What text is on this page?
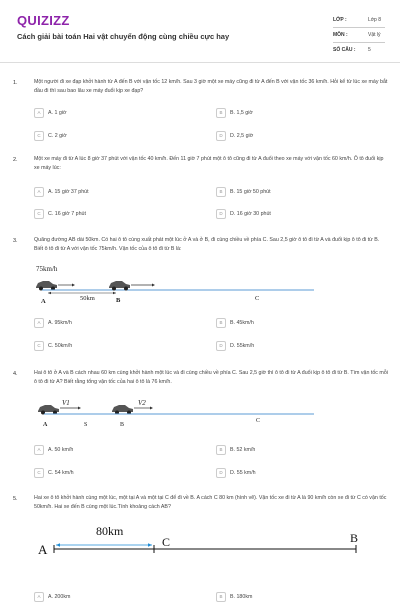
QUIZIZZ
Cách giải bài toán Hai vật chuyển động cùng chiều cực hay
LỚP :	Lớp 8
MÔN :	Vật lý
SỐ CÂU :	5
1.	Một người đi xe đạp khởi hành từ A đến B với vận tốc 12 km/h. Sau 3 giờ một xe máy cũng đi từ A đến B với vận tốc 36 km/h. Hỏi kể từ lúc xe máy bắt đầu đi thì sau bao lâu xe máy đuổi kịp xe đạp?
A A. 1 giờ	B B. 1,5 giờ
C C. 2 giờ	D D. 2,5 giờ
2.	Một xe máy đi từ A lúc 8 giờ 37 phút với vận tốc 40 km/h. Đến 11 giờ 7 phút một ô tô cũng đi từ A đuổi theo xe máy với vận tốc 60 km/h. Ô tô đuổi kịp xe máy lúc:
A A. 15 giờ 37 phút	B B. 15 giờ 50 phút
C C. 16 giờ 7 phút	D D. 16 giờ 30 phút
3.	Quãng đường AB dài 50km. Có hai ô tô cùng xuất phát một lúc ở A và ở B, đi cùng chiều về phía C. Sau 2,5 giờ ô tô đi từ A và đuổi kịp ô tô đi từ B. Biết ô tô đi từ A với vận tốc 75km/h. Vận tốc của ô tô đi từ B là:
75km/h
A	50km	B	C
A A. 95km/h	B B. 45km/h
C C. 50km/h	D D. 55km/h
4.	Hai ô tô ở A và B cách nhau 60 km cùng khởi hành một lúc và đi cùng chiều về phía C. Sau 2,5 giờ thì ô tô đi từ A đuổi kịp ô tô đi từ B. Tìm vận tốc mỗi ô tô đi từ A? Biết rằng tổng vận tốc của hai ô tô là 76 km/h.
V1	V2
A	S	B
C
A A. 50 km/h	B B. 52 km/h
C C. 54 km/h	D D. 55 km/h
5.	Hai xe ô tô khởi hành cùng một lúc, một tại A và một tại C để đi về B. A cách C 80 km (hình vẽ). Vận tốc xe đi từ A là 90 km/h còn xe đi từ C có vận tốc 50km/h. Hai xe đến B cùng một lúc.Tính khoảng cách AB?
80km
A	C	B
A A. 200km	B B. 180km
